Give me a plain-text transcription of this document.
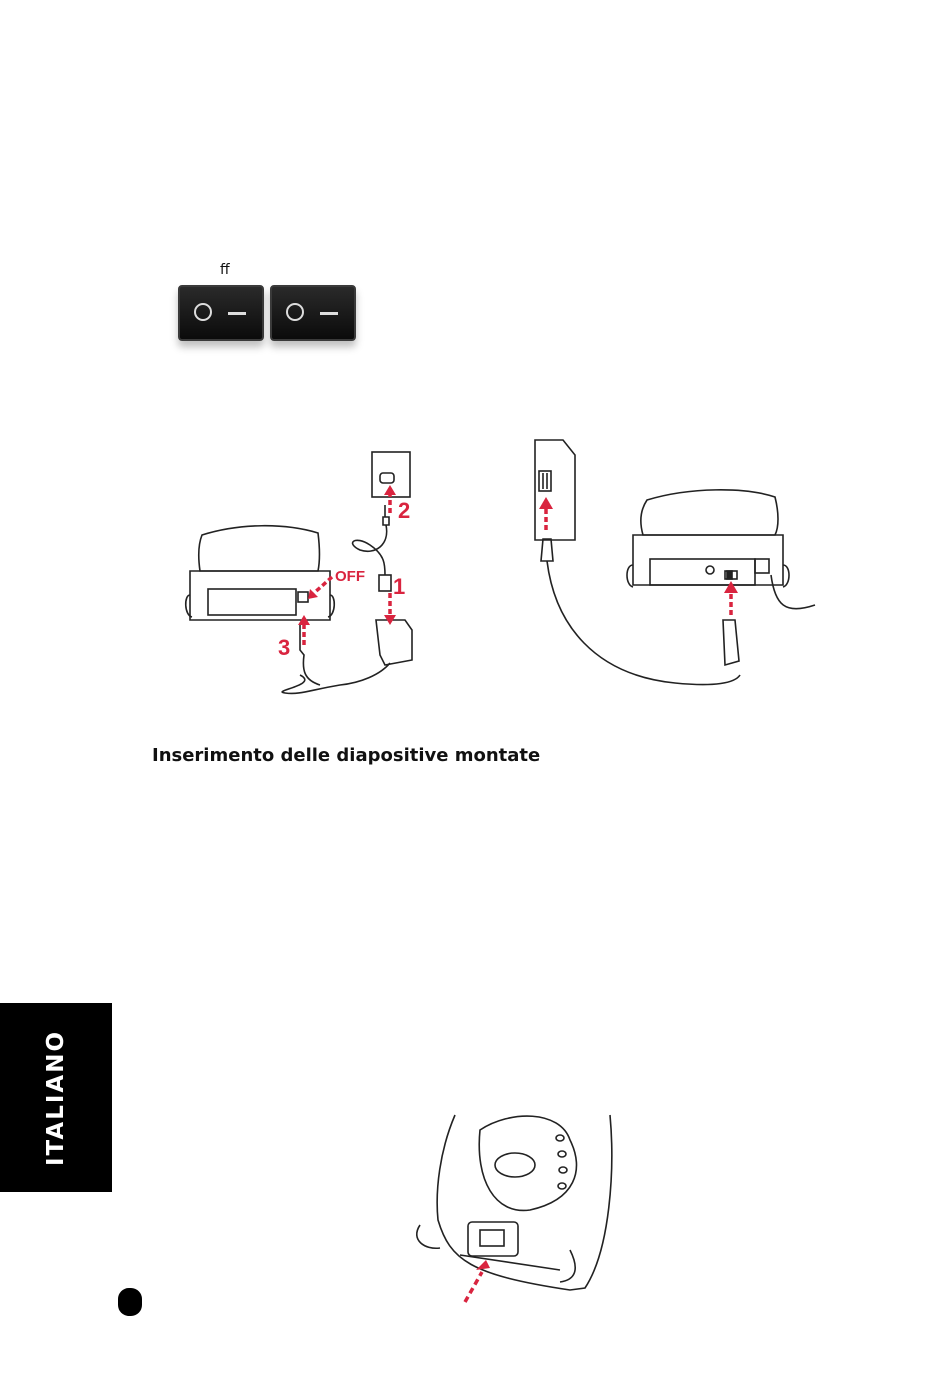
ff
OFF 1
2
3
Inserimento delle diapositive montate
ITALIANO
8
